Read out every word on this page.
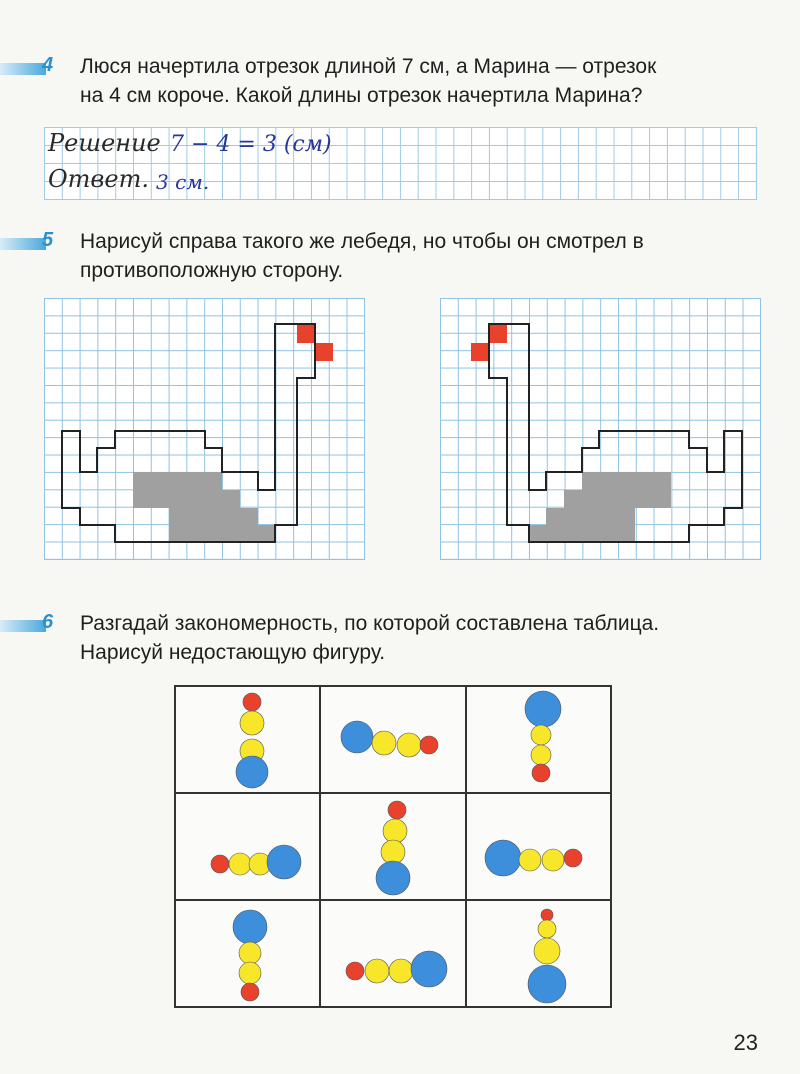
4 Люся начертила отрезок длиной 7 см, а Марина — отрезок
на 4 см короче. Какой длины отрезок начертила Марина?
Решение 7 − 4 = 3 (см)
Ответ. 3 см.
5 Нарисуй справа такого же лебедя, но чтобы он смотрел в
противоположную сторону.
6 Разгадай закономерность, по которой составлена таблица.
Нарисуй недостающую фигуру.
23
